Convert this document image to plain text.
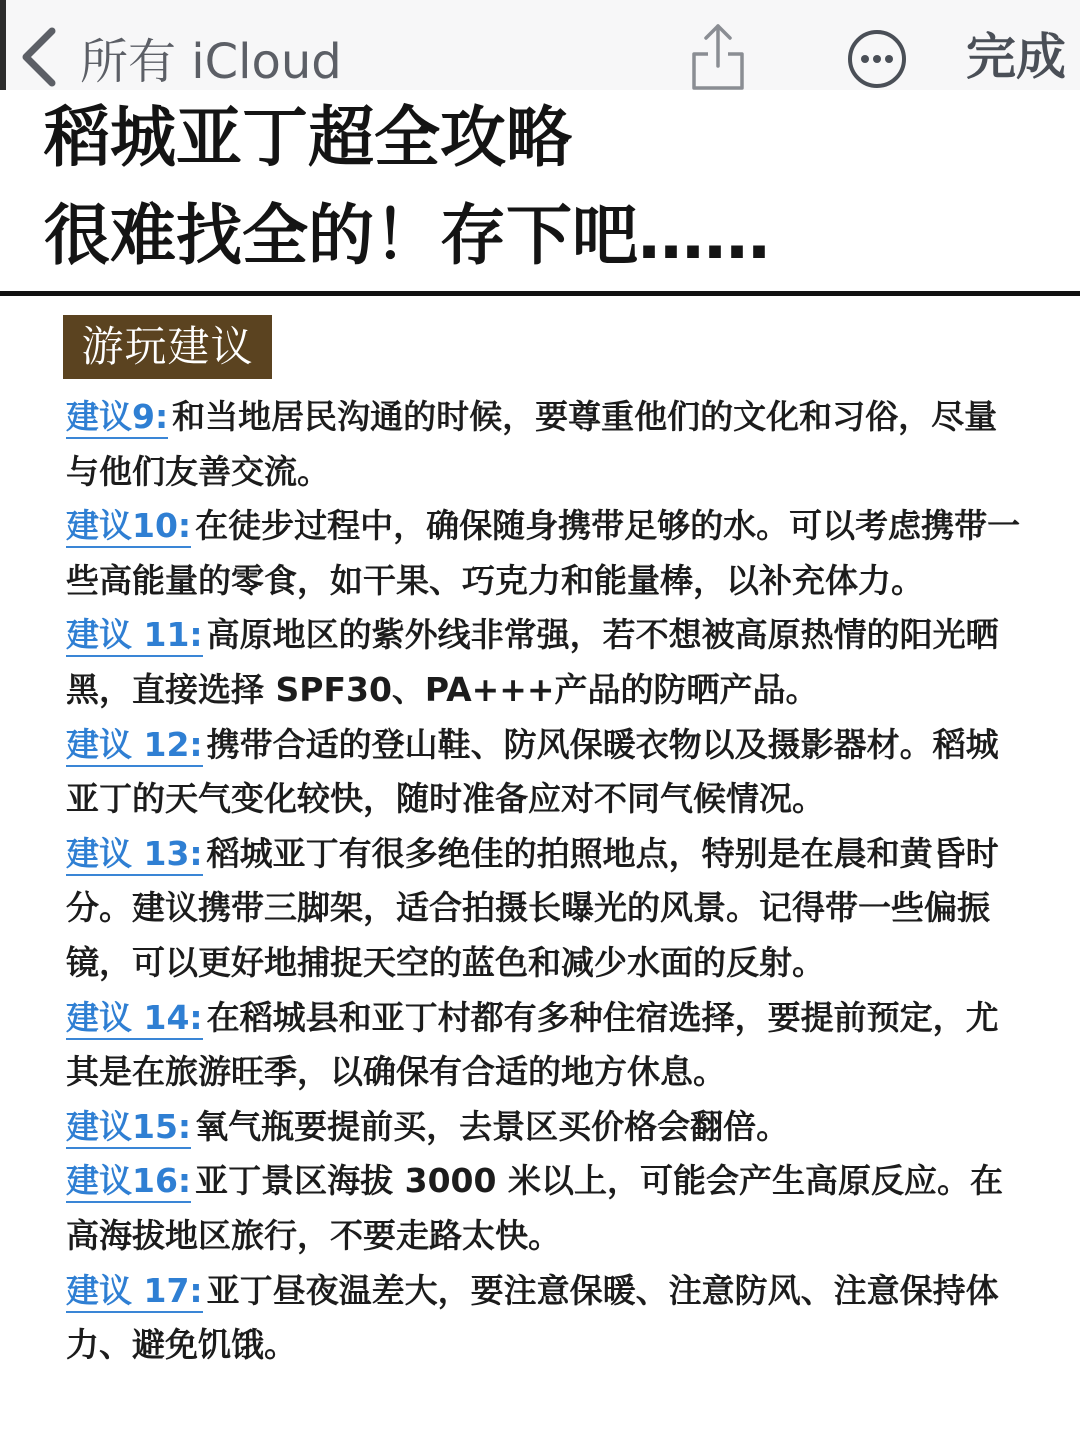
所有 iCloud	完成
稻城亚丁超全攻略
很难找全的！存下吧……
游玩建议

建议9: 和当地居民沟通的时候，要尊重他们的文化和习俗，尽量与他们友善交流。

建议10: 在徒步过程中，确保随身携带足够的水。可以考虑携带一些高能量的零食，如干果、巧克力和能量棒，以补充体力。

建议 11: 高原地区的紫外线非常强，若不想被高原热情的阳光晒黑，直接选择 SPF30、PA+++产品的防晒产品。

建议 12: 携带合适的登山鞋、防风保暖衣物以及摄影器材。稻城亚丁的天气变化较快，随时准备应对不同气候情况。

建议 13: 稻城亚丁有很多绝佳的拍照地点，特别是在晨和黄昏时分。建议携带三脚架，适合拍摄长曝光的风景。记得带一些偏振镜，可以更好地捕捉天空的蓝色和减少水面的反射。

建议 14: 在稻城县和亚丁村都有多种住宿选择，要提前预定，尤其是在旅游旺季，以确保有合适的地方休息。

建议15: 氧气瓶要提前买，去景区买价格会翻倍。

建议16: 亚丁景区海拔 3000 米以上，可能会产生高原反应。在高海拔地区旅行，不要走路太快。

建议 17: 亚丁昼夜温差大，要注意保暖、注意防风、注意保持体力、避免饥饿。
